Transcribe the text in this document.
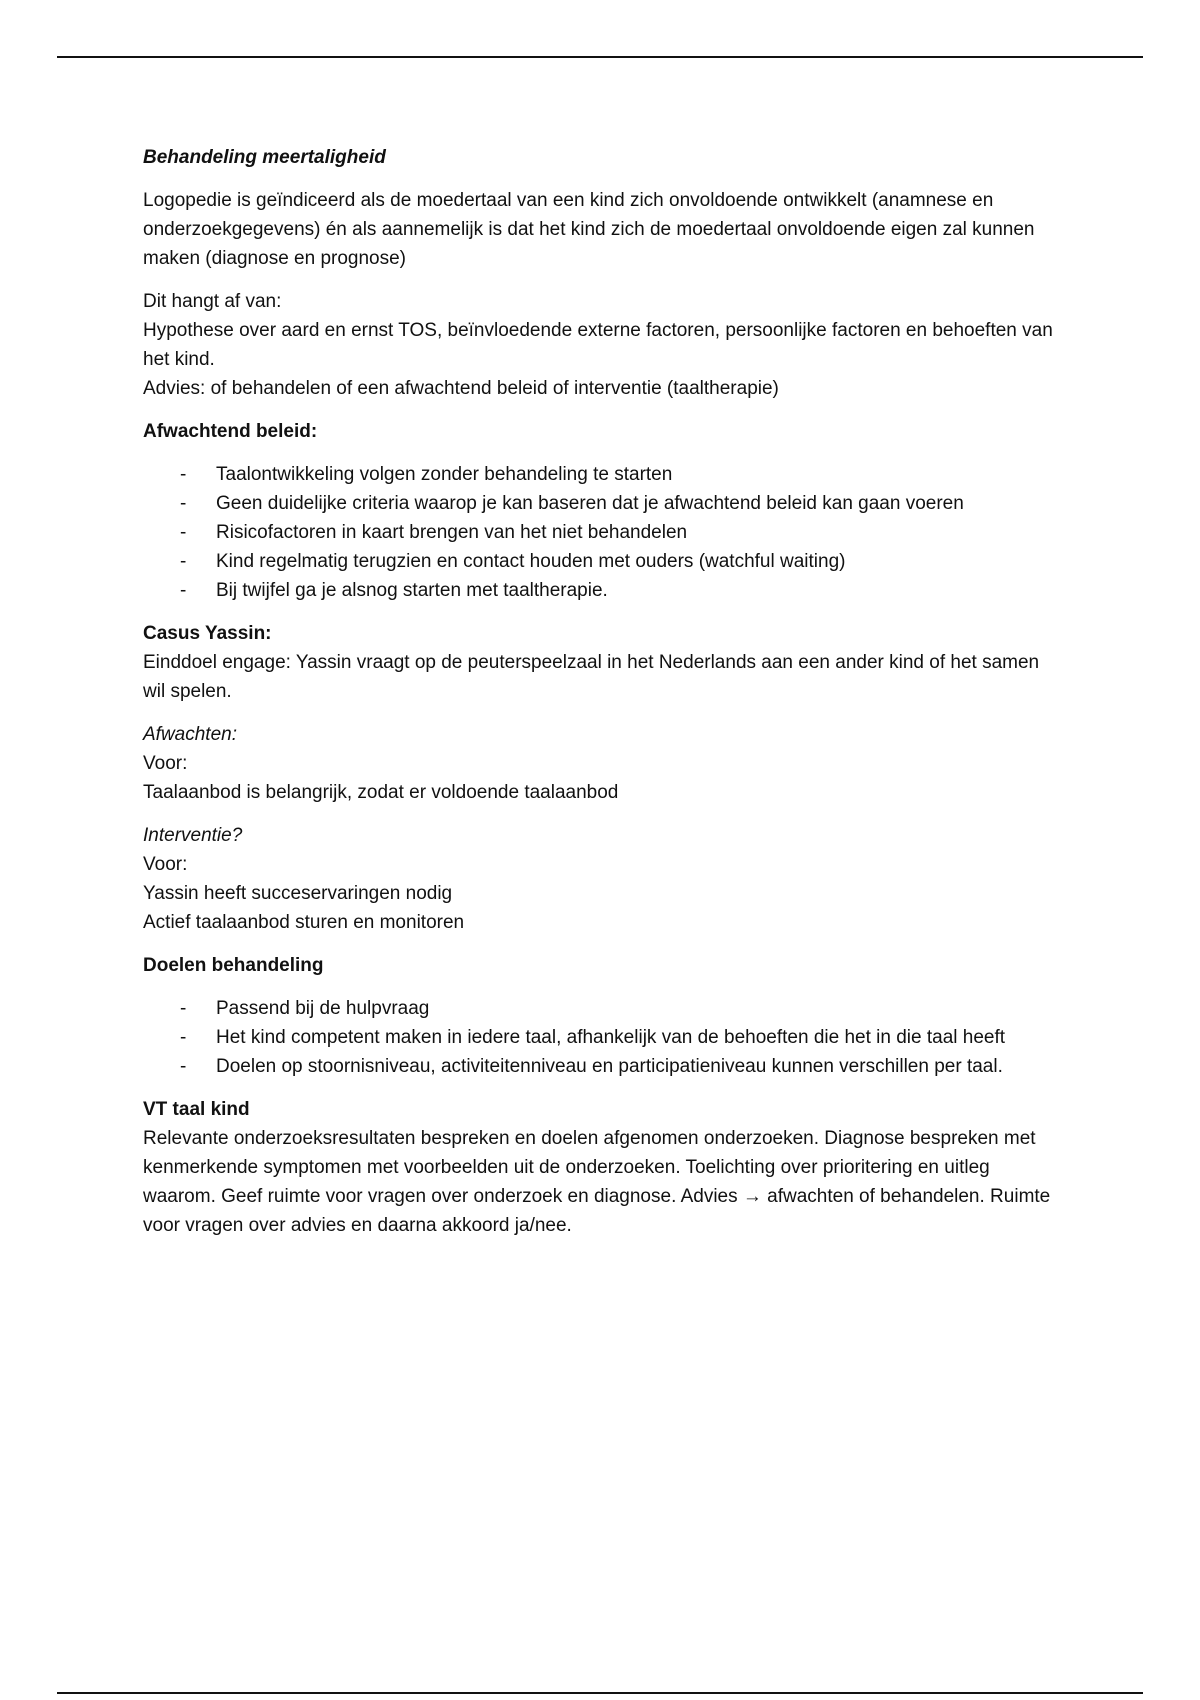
Behandeling meertaligheid

Logopedie is geïndiceerd als de moedertaal van een kind zich onvoldoende ontwikkelt (anamnese en onderzoekgegevens) én als aannemelijk is dat het kind zich de moedertaal onvoldoende eigen zal kunnen maken (diagnose en prognose)

Dit hangt af van:

Hypothese over aard en ernst TOS, beïnvloedende externe factoren, persoonlijke factoren en behoeften van het kind.

Advies: of behandelen of een afwachtend beleid of interventie (taaltherapie)

Afwachtend beleid:

- Taalontwikkeling volgen zonder behandeling te starten
- Geen duidelijke criteria waarop je kan baseren dat je afwachtend beleid kan gaan voeren
- Risicofactoren in kaart brengen van het niet behandelen
- Kind regelmatig terugzien en contact houden met ouders (watchful waiting)
- Bij twijfel ga je alsnog starten met taaltherapie.

Casus Yassin:

Einddoel engage: Yassin vraagt op de peuterspeelzaal in het Nederlands aan een ander kind of het samen wil spelen.

Afwachten:

Voor:

Taalaanbod is belangrijk, zodat er voldoende taalaanbod

Interventie?

Voor:

Yassin heeft succeservaringen nodig

Actief taalaanbod sturen en monitoren

Doelen behandeling

- Passend bij de hulpvraag
- Het kind competent maken in iedere taal, afhankelijk van de behoeften die het in die taal heeft
- Doelen op stoornisniveau, activiteitenniveau en participatieniveau kunnen verschillen per taal.

VT taal kind

Relevante onderzoeksresultaten bespreken en doelen afgenomen onderzoeken. Diagnose bespreken met kenmerkende symptomen met voorbeelden uit de onderzoeken. Toelichting over prioritering en uitleg waarom. Geef ruimte voor vragen over onderzoek en diagnose. Advies → afwachten of behandelen. Ruimte voor vragen over advies en daarna akkoord ja/nee.
